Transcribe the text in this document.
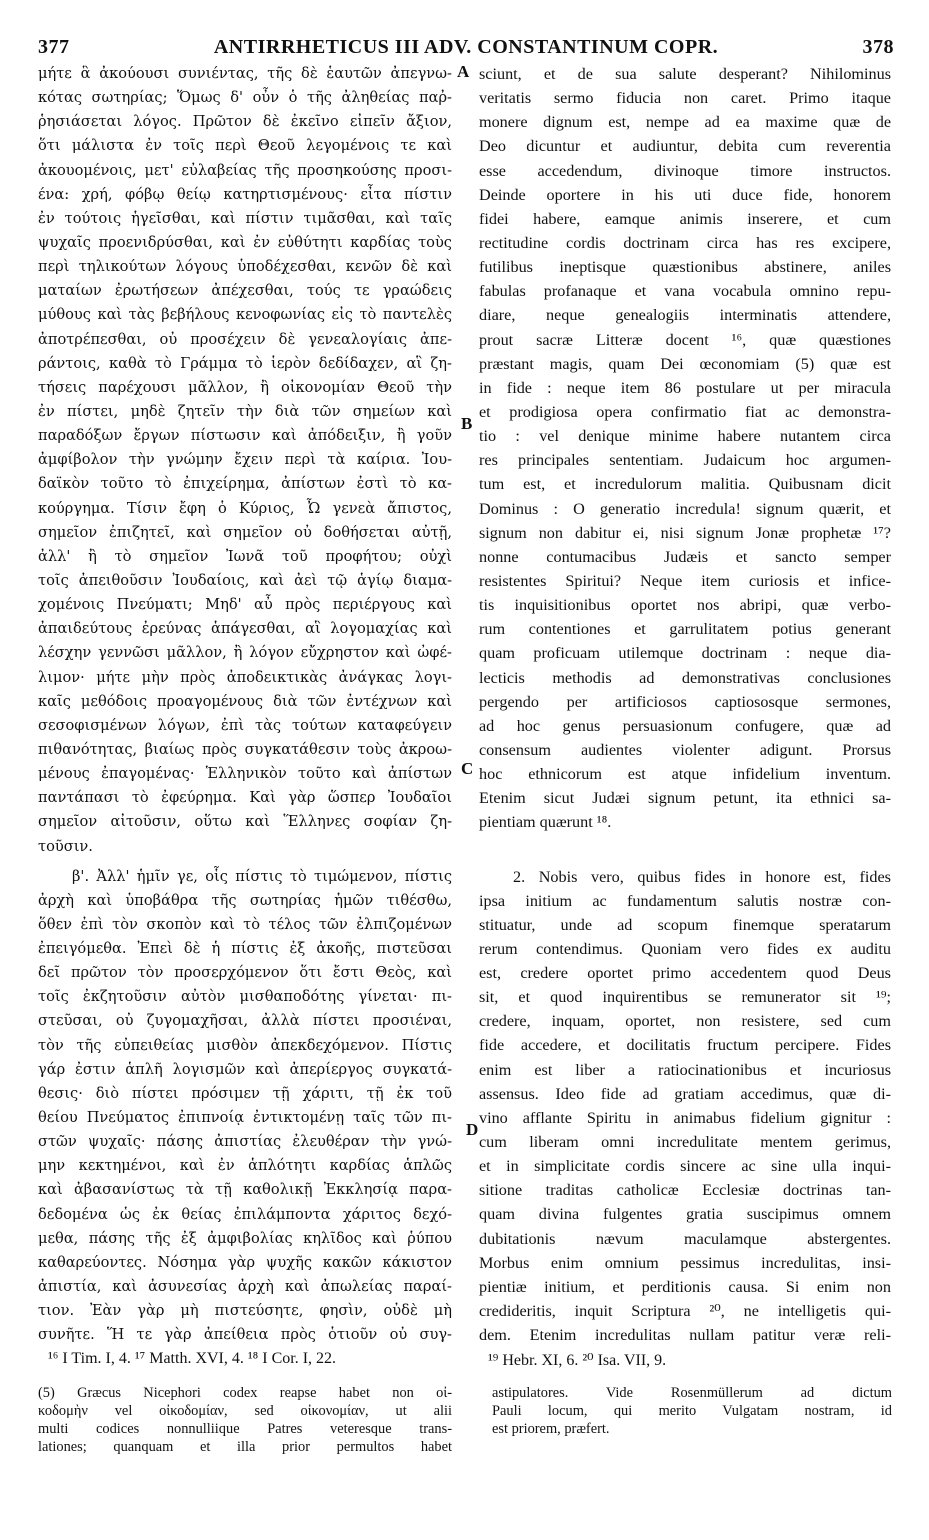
377	ANTIRRHETICUS III ADV. CONSTANTINUM COPR.	378
μήτε ἃ ἀκούουσι συνιέντας, τῆς δὲ ἑαυτῶν ἀπεγνω-
κότας σωτηρίας; Ὅμως δ' οὖν ὁ τῆς ἀληθείας παῤ-
ῥησιάσεται λόγος. Πρῶτον δὲ ἐκεῖνο εἰπεῖν ἄξιον,
ὅτι μάλιστα ἐν τοῖς περὶ Θεοῦ λεγομένοις τε καὶ
ἀκουομένοις, μετ' εὐλαβείας τῆς προσηκούσης προσι-
ένα: χρή, φόβῳ θείῳ κατηρτισμένους· εἶτα πίστιν
ἐν τούτοις ἡγεῖσθαι, καὶ πίστιν τιμᾶσθαι, καὶ ταῖς
ψυχαῖς προενιδρύσθαι, καὶ ἐν εὐθύτητι καρδίας τοὺς
περὶ τηλικούτων λόγους ὑποδέχεσθαι, κενῶν δὲ καὶ
ματαίων ἐρωτήσεων ἀπέχεσθαι, τούς τε γραώδεις
μύθους καὶ τὰς βεβήλους κενοφωνίας εἰς τὸ παντελὲς
ἀποτρέπεσθαι, οὐ προσέχειν δὲ γενεαλογίαις ἀπε-
ράντοις, καθὰ τὸ Γράμμα τὸ ἱερὸν δεδίδαχεν, αἳ ζη-
τήσεις παρέχουσι μᾶλλον, ἢ οἰκονομίαν Θεοῦ τὴν
ἐν πίστει, μηδὲ ζητεῖν τὴν διὰ τῶν σημείων καὶ
παραδόξων ἔργων πίστωσιν καὶ ἀπόδειξιν, ἢ γοῦν
ἀμφίβολον τὴν γνώμην ἔχειν περὶ τὰ καίρια. Ἰου-
δαϊκὸν τοῦτο τὸ ἐπιχείρημα, ἀπίστων ἐστὶ τὸ κα-
κούργημα. Τίσιν ἔφη ὁ Κύριος, Ὦ γενεὰ ἄπιστος,
σημεῖον ἐπιζητεῖ, καὶ σημεῖον οὐ δοθήσεται αὐτῇ,
ἀλλ' ἢ τὸ σημεῖον Ἰωνᾶ τοῦ προφήτου; οὐχὶ
τοῖς ἀπειθοῦσιν Ἰουδαίοις, καὶ ἀεὶ τῷ ἁγίῳ διαμα-
χομένοις Πνεύματι; Μηδ' αὖ πρὸς περιέργους καὶ
ἀπαιδεύτους ἐρεύνας ἁπάγεσθαι, αἳ λογομαχίας καὶ
λέσχην γεννῶσι μᾶλλον, ἢ λόγον εὔχρηστον καὶ ὠφέ-
λιμον· μήτε μὴν πρὸς ἀποδεικτικὰς ἀνάγκας λογι-
καῖς μεθόδοις προαγομένους διὰ τῶν ἐντέχνων καὶ
σεσοφισμένων λόγων, ἐπὶ τὰς τούτων καταφεύγειν
πιθανότητας, βιαίως πρὸς συγκατάθεσιν τοὺς ἀκροω-
μένους ἐπαγομένας· Ἑλληνικὸν τοῦτο καὶ ἀπίστων
παντάπασι τὸ ἐφεύρημα. Καὶ γὰρ ὥσπερ Ἰουδαῖοι
σημεῖον αἰτοῦσιν, οὕτω καὶ Ἕλληνες σοφίαν ζη-
τοῦσιν.
β'. Ἀλλ' ἡμῖν γε, οἷς πίστις τὸ τιμώμενον, πίστις
ἀρχὴ καὶ ὑποβάθρα τῆς σωτηρίας ἡμῶν τιθέσθω,
ὅθεν ἐπὶ τὸν σκοπὸν καὶ τὸ τέλος τῶν ἐλπιζομένων
ἐπειγόμεθα. Ἐπεὶ δὲ ἡ πίστις ἐξ ἀκοῆς, πιστεῦσαι
δεῖ πρῶτον τὸν προσερχόμενον ὅτι ἔστι Θεὸς, καὶ
τοῖς ἐκζητοῦσιν αὐτὸν μισθαποδότης γίνεται· πι-
στεῦσαι, οὐ ζυγομαχῆσαι, ἀλλὰ πίστει προσιέναι,
τὸν τῆς εὐπειθείας μισθὸν ἀπεκδεχόμενον. Πίστις
γάρ ἐστιν ἁπλῆ λογισμῶν καὶ ἀπερίεργος συγκατά-
θεσις· διὸ πίστει πρόσιμεν τῇ χάριτι, τῇ ἐκ τοῦ
θείου Πνεύματος ἐπιπνοίᾳ ἐντικτομένῃ ταῖς τῶν πι-
στῶν ψυχαῖς· πάσης ἀπιστίας ἐλευθέραν τὴν γνώ-
μην κεκτημένοι, καὶ ἐν ἁπλότητι καρδίας ἁπλῶς
καὶ ἀβασανίστως τὰ τῇ καθολικῇ Ἐκκλησίᾳ παρα-
δεδομένα ὡς ἐκ θείας ἐπιλάμποντα χάριτος δεχό-
μεθα, πάσης τῆς ἐξ ἀμφιβολίας κηλῖδος καὶ ῥύπου
καθαρεύοντες. Νόσημα γὰρ ψυχῆς κακῶν κάκιστον
ἀπιστία, καὶ ἀσυνεσίας ἀρχὴ καὶ ἀπωλείας παραί-
τιον. Ἐὰν γὰρ μὴ πιστεύσητε, φησὶν, οὐδὲ μὴ
συνῆτε. Ἥ τε γὰρ ἀπείθεια πρὸς ὁτιοῦν οὐ συγ-
sciunt, et de sua salute desperant? Nihilominus
veritatis sermo fiducia non caret. Primo itaque
monere dignum est, nempe ad ea maxime quæ de
Deo dicuntur et audiuntur, debita cum reverentia
esse accedendum, divinoque timore instructos.
Deinde oportere in his uti duce fide, honorem
fidei habere, eamque animis inserere, et cum
rectitudine cordis doctrinam circa has res excipere,
futilibus ineptisque quæstionibus abstinere, aniles
fabulas profanaque et vana vocabula omnino repu-
diare, neque genealogiis interminatis attendere,
prout sacræ Litteræ docent ¹⁶, quæ quæstiones
præstant magis, quam Dei œconomiam (5) quæ est
in fide : neque item 86 postulare ut per miracula
et prodigiosa opera confirmatio fiat ac demonstra-
tio : vel denique minime habere nutantem circa
res principales sententiam. Judaicum hoc argumen-
tum est, et incredulorum malitia. Quibusnam dicit
Dominus : O generatio incredula! signum quærit, et
signum non dabitur ei, nisi signum Jonæ prophetæ ¹⁷?
nonne contumacibus Judæis et sancto semper
resistentes Spiritui? Neque item curiosis et infice-
tis inquisitionibus oportet nos abripi, quæ verbo-
rum contentiones et garrulitatem potius generant
quam proficuam utilemque doctrinam : neque dia-
lecticis methodis ad demonstrativas conclusiones
pergendo per artificiosos captiososque sermones,
ad hoc genus persuasionum confugere, quæ ad
consensum audientes violenter adigunt. Prorsus
hoc ethnicorum est atque infidelium inventum.
Etenim sicut Judæi signum petunt, ita ethnici sa-
pientiam quærunt ¹⁸.
2. Nobis vero, quibus fides in honore est, fides
ipsa initium ac fundamentum salutis nostræ con-
stituatur, unde ad scopum finemque speratarum
rerum contendimus. Quoniam vero fides ex auditu
est, credere oportet primo accedentem quod Deus
sit, et quod inquirentibus se remunerator sit ¹⁹;
credere, inquam, oportet, non resistere, sed cum
fide accedere, et docilitatis fructum percipere. Fides
enim est liber a ratiocinationibus et incuriosus
assensus. Ideo fide ad gratiam accedimus, quæ di-
vino afflante Spiritu in animabus fidelium gignitur :
cum liberam omni incredulitate mentem gerimus,
et in simplicitate cordis sincere ac sine ulla inqui-
sitione traditas catholicæ Ecclesiæ doctrinas tan-
quam divina fulgentes gratia suscipimus omnem
dubitationis nævum maculamque abstergentes.
Morbus enim omnium pessimus incredulitas, insi-
pientiæ initium, et perditionis causa. Si enim non
credideritis, inquit Scriptura ²⁰, ne intelligetis qui-
dem. Etenim incredulitas nullam patitur veræ reli-
A
B
C
D
¹⁶ I Tim. I, 4. ¹⁷ Matth. XVI, 4. ¹⁸ I Cor. I, 22.	¹⁹ Hebr. XI, 6. ²⁰ Isa. VII, 9.
(5) Græcus Nicephori codex reapse habet non οἰ-
κοδομὴν vel οἰκοδομίαν, sed οἰκονομίαν, ut alii
multi codices nonnulliique Patres veteresque trans-
lationes; quanquam et illa prior permultos habet
astipulatores. Vide Rosenmüllerum ad dictum
Pauli locum, qui merito Vulgatam nostram, id
est priorem, præfert.
